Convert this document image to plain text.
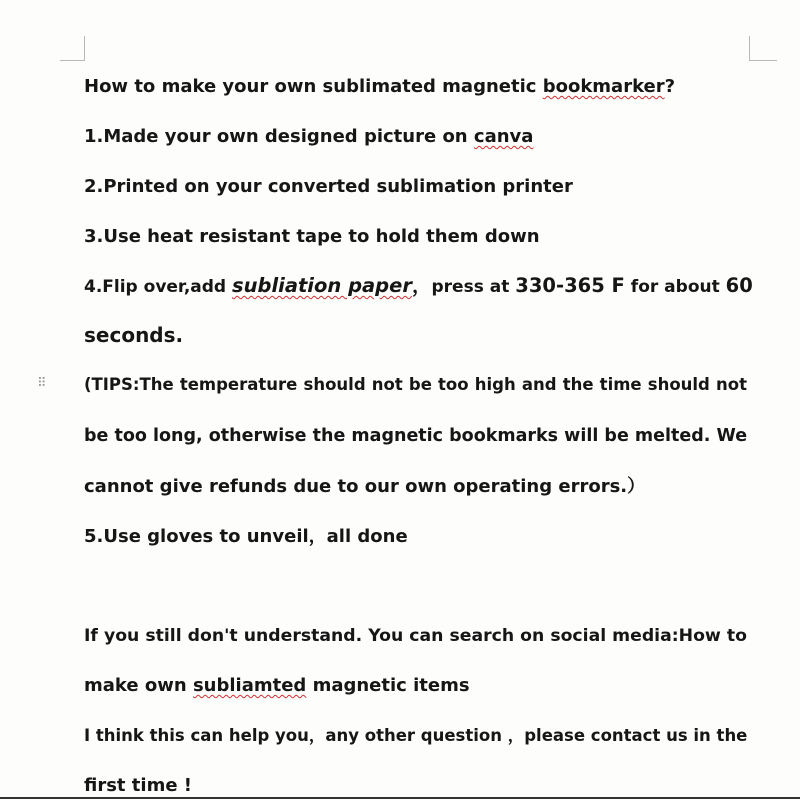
⠿
How to make your own sublimated magnetic bookmarker?
1.Made your own designed picture on canva
2.Printed on your converted sublimation printer
3.Use heat resistant tape to hold them down
4.Flip over,add subliation paper，press at 330-365 F for about 60
seconds.
(TIPS:The temperature should not be too high and the time should not
be too long, otherwise the magnetic bookmarks will be melted. We
cannot give refunds due to our own operating errors.）
5.Use gloves to unveil，all done
If you still don't understand. You can search on social media:How to
make own subliamted magnetic items
I think this can help you，any other question ，please contact us in the
first time !
